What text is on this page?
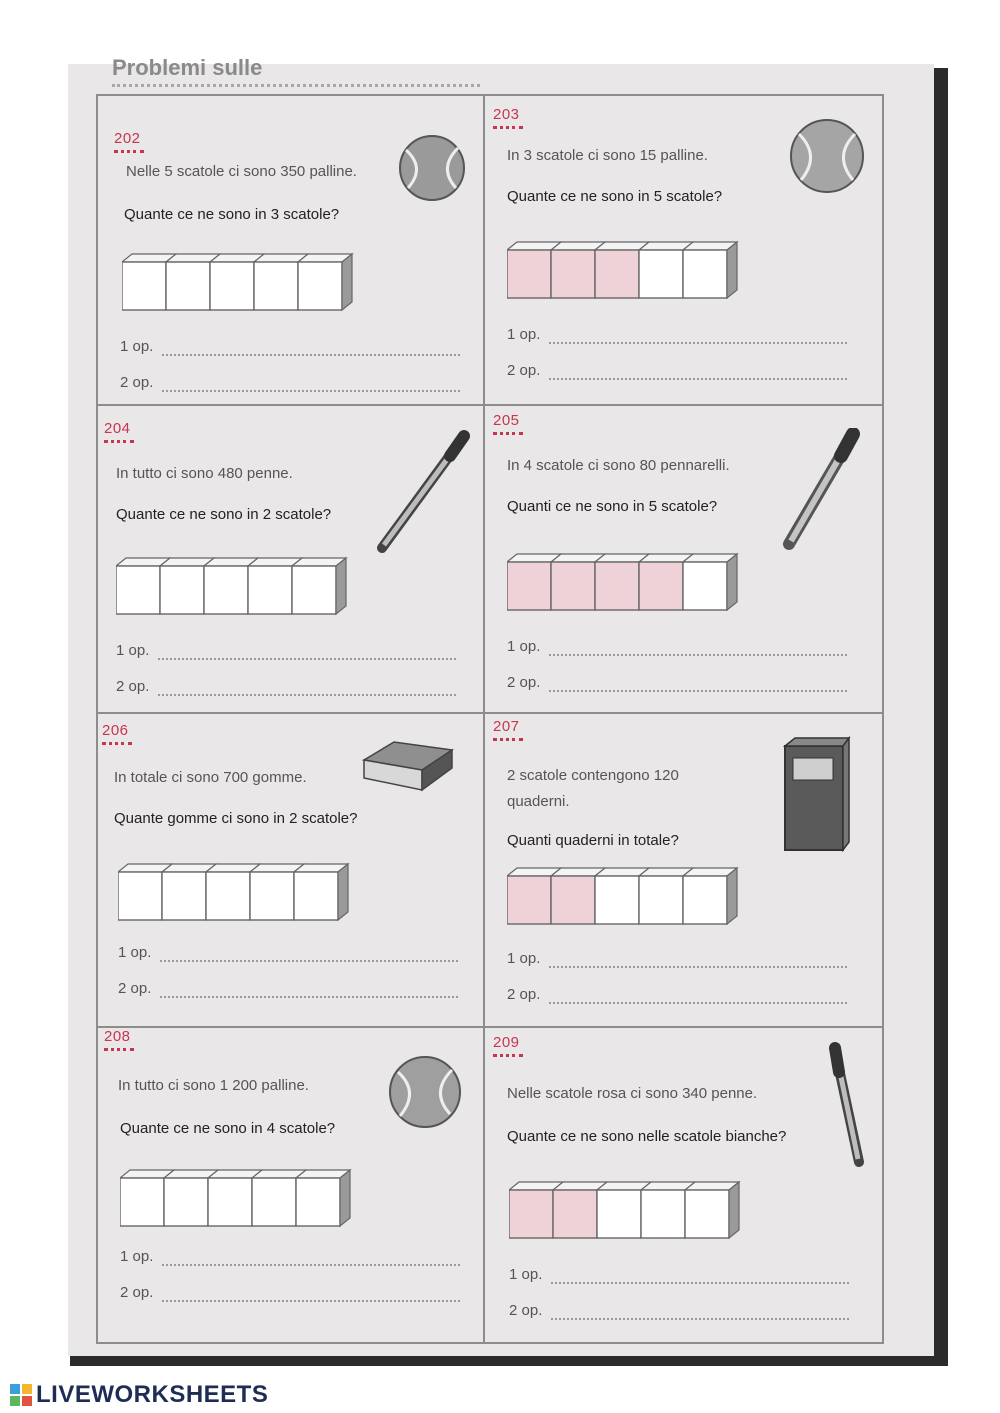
Problemi sulle
202
Nelle 5 scatole ci sono 350 palline.
Quante ce ne sono in 3 scatole?
1 op.
2 op.
203
In 3 scatole ci sono 15 palline.
Quante ce ne sono in 5 scatole?
1 op.
2 op.
204
In tutto ci sono 480 penne.
Quante ce ne sono in 2 scatole?
1 op.
2 op.
205
In 4 scatole ci sono 80 pennarelli.
Quanti ce ne sono in 5 scatole?
1 op.
2 op.
206
In totale ci sono 700 gomme.
Quante gomme ci sono in 2 scatole?
1 op.
2 op.
207
2 scatole contengono 120
quaderni.
Quanti quaderni in totale?
1 op.
2 op.
208
In tutto ci sono 1 200 palline.
Quante ce ne sono in 4 scatole?
1 op.
2 op.
209
Nelle scatole rosa ci sono 340 penne.
Quante ce ne sono nelle scatole bianche?
1 op.
2 op.
LIVEWORKSHEETS
